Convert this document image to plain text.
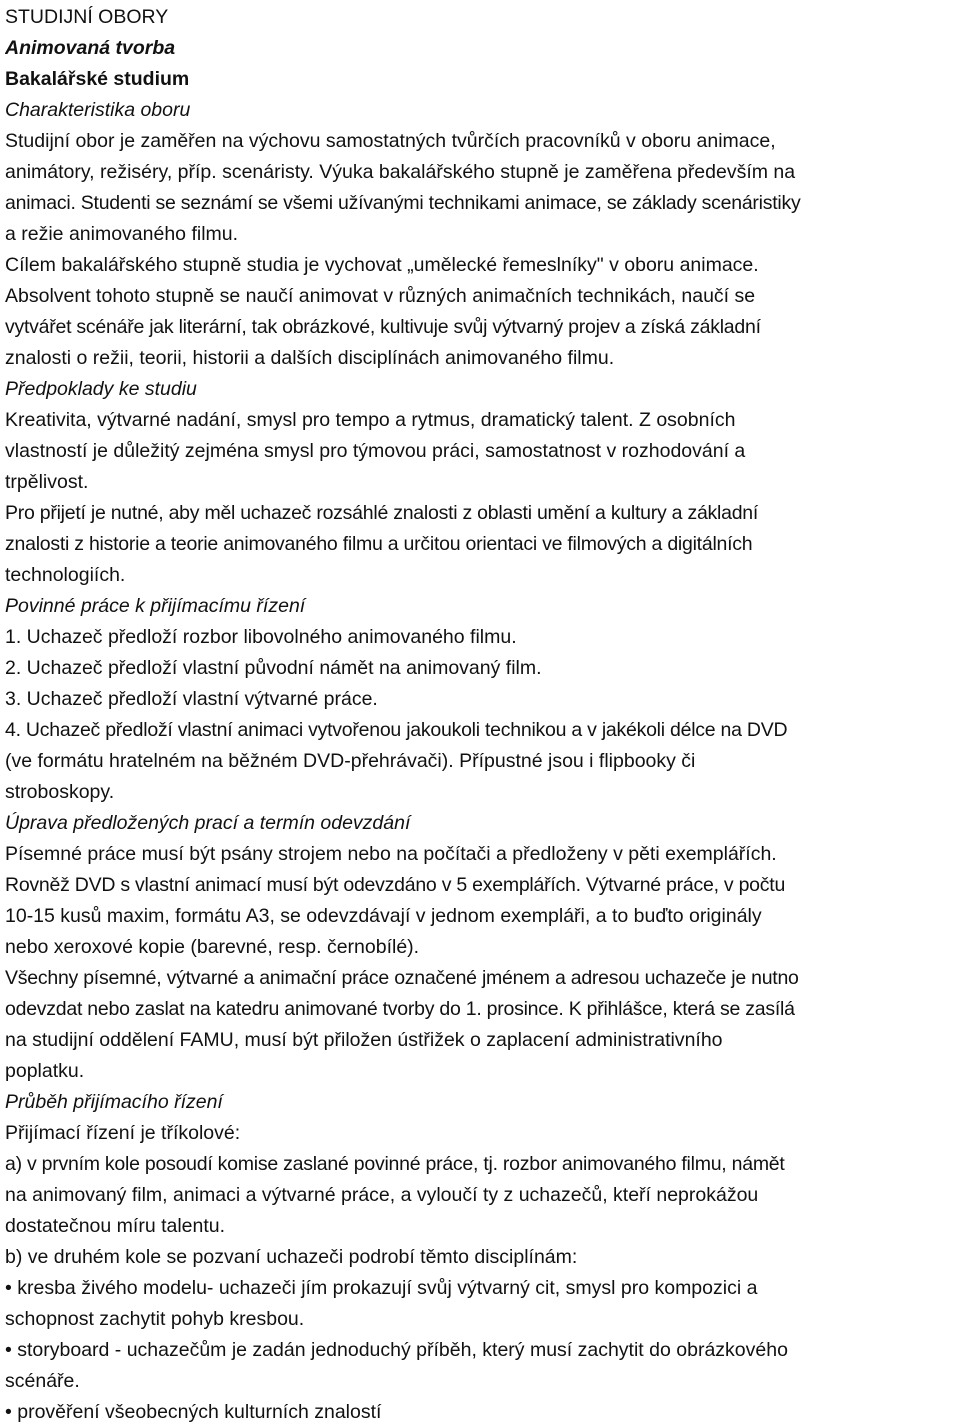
STUDIJNÍ OBORY
Animovaná tvorba
Bakalářské studium
Charakteristika oboru
Studijní obor je zaměřen na výchovu samostatných tvůrčích pracovníků v oboru animace,
animátory, režiséry, příp. scenáristy. Výuka bakalářského stupně je zaměřena především na
animaci. Studenti se seznámí se všemi užívanými technikami animace, se základy scenáristiky
a režie animovaného filmu.
Cílem bakalářského stupně studia je vychovat „umělecké řemeslníky" v oboru animace.
Absolvent tohoto stupně se naučí animovat v různých animačních technikách, naučí se
vytvářet scénáře jak literární, tak obrázkové, kultivuje svůj výtvarný projev a získá základní
znalosti o režii, teorii, historii a dalších disciplínách animovaného filmu.
Předpoklady ke studiu
Kreativita, výtvarné nadání, smysl pro tempo a rytmus, dramatický talent. Z osobních
vlastností je důležitý zejména smysl pro týmovou práci, samostatnost v rozhodování a
trpělivost.
Pro přijetí je nutné, aby měl uchazeč rozsáhlé znalosti z oblasti umění a kultury a základní
znalosti z historie a teorie animovaného filmu a určitou orientaci ve filmových a digitálních
technologiích.
Povinné práce k přijímacímu řízení
1. Uchazeč předloží rozbor libovolného animovaného filmu.
2. Uchazeč předloží vlastní původní námět na animovaný film.
3. Uchazeč předloží vlastní výtvarné práce.
4. Uchazeč předloží vlastní animaci vytvořenou jakoukoli technikou a v jakékoli délce na DVD
(ve formátu hratelném na běžném DVD-přehrávači). Přípustné jsou i flipbooky či
stroboskopy.
Úprava předložených prací a termín odevzdání
Písemné práce musí být psány strojem nebo na počítači a předloženy v pěti exemplářích.
Rovněž DVD s vlastní animací musí být odevzdáno v 5 exemplářích. Výtvarné práce, v počtu
10-15 kusů maxim, formátu A3, se odevzdávají v jednom exempláři, a to buďto originály
nebo xeroxové kopie (barevné, resp. černobílé).
Všechny písemné, výtvarné a animační práce označené jménem a adresou uchazeče je nutno
odevzdat nebo zaslat na katedru animované tvorby do 1. prosince. K přihlášce, která se zasílá
na studijní oddělení FAMU, musí být přiložen ústřižek o zaplacení administrativního
poplatku.
Průběh přijímacího řízení
Přijímací řízení je tříkolové:
a) v prvním kole posoudí komise zaslané povinné práce, tj. rozbor animovaného filmu, námět
na animovaný film, animaci a výtvarné práce, a vyloučí ty z uchazečů, kteří neprokážou
dostatečnou míru talentu.
b) ve druhém kole se pozvaní uchazeči podrobí těmto disciplínám:
• kresba živého modelu- uchazeči jím prokazují svůj výtvarný cit, smysl pro kompozici a
schopnost zachytit pohyb kresbou.
• storyboard - uchazečům je zadán jednoduchý příběh, který musí zachytit do obrázkového
scénáře.
• prověření všeobecných kulturních znalostí
